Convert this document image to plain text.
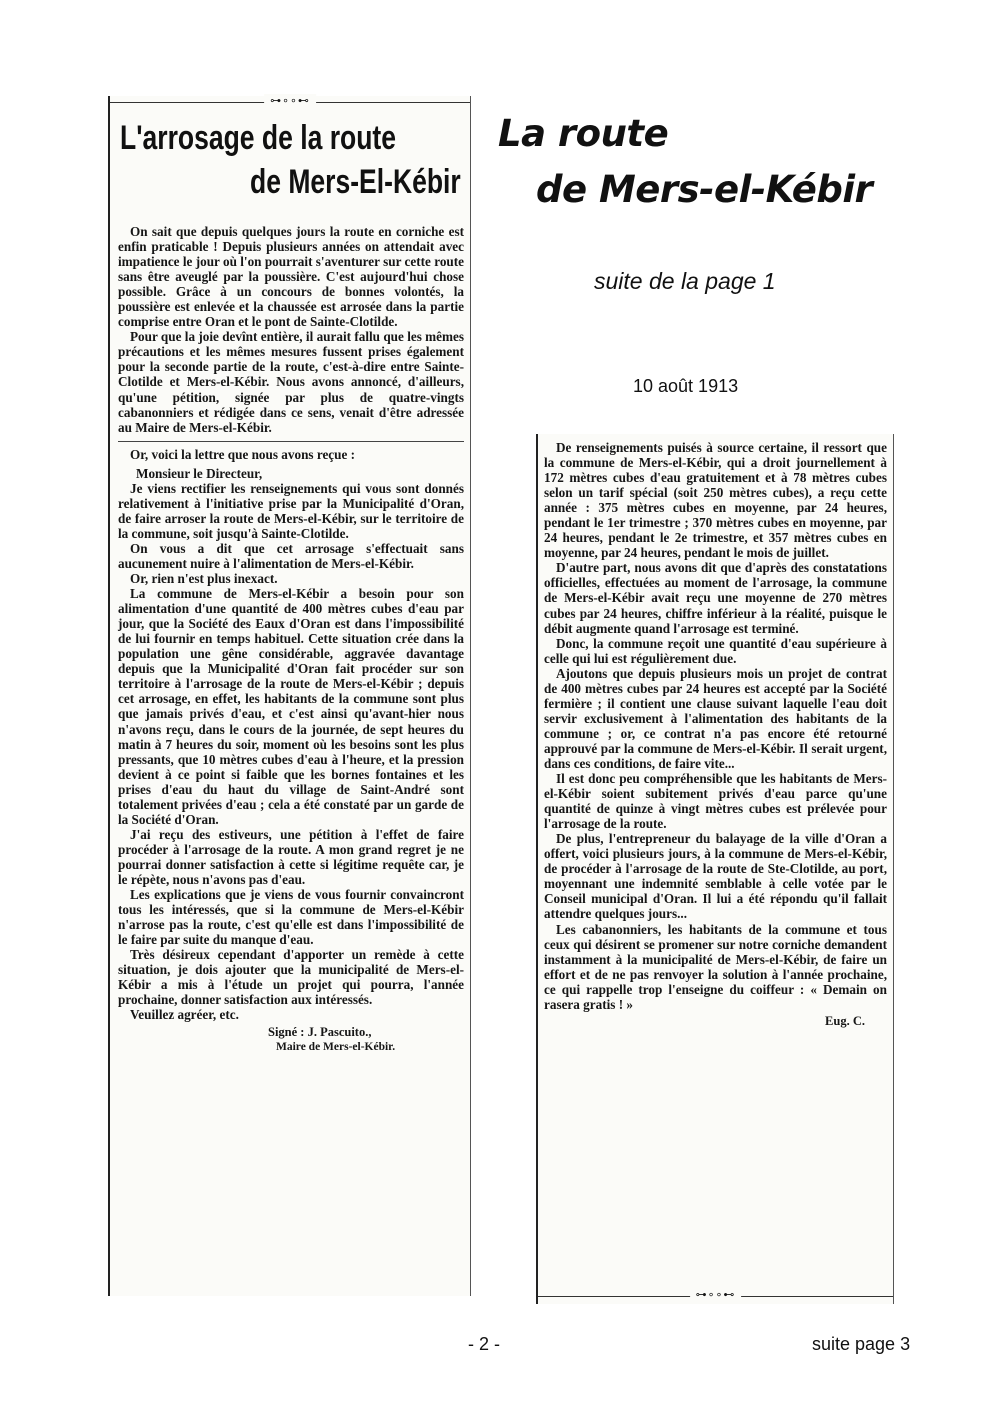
La route
de Mers-el-Kébir
suite de la page 1
10 août 1913
⊶∘∘⊷
L'arrosage de la route
de Mers-El-Kébir

On sait que depuis quelques jours la route en corniche est enfin praticable ! Depuis plusieurs années on attendait avec impatience le jour où l'on pourrait s'aventurer sur cette route sans être aveuglé par la poussière. C'est aujourd'hui chose possible. Grâce à un concours de bonnes volontés, la poussière est enlevée et la chaussée est arrosée dans la partie comprise entre Oran et le pont de Sainte-Clotilde.

Pour que la joie devînt entière, il aurait fallu que les mêmes précautions et les mêmes mesures fussent prises également pour la seconde partie de la route, c'est-à-dire entre Sainte-Clotilde et Mers-el-Kébir. Nous avons annoncé, d'ailleurs, qu'une pétition, signée par plus de quatre-vingts cabanonniers et rédigée dans ce sens, venait d'être adressée au Maire de Mers-el-Kébir.

Or, voici la lettre que nous avons reçue :

Monsieur le Directeur,

Je viens rectifier les renseignements qui vous sont donnés relativement à l'initiative prise par la Municipalité d'Oran, de faire arroser la route de Mers-el-Kébir, sur le territoire de la commune, soit jusqu'à Sainte-Clotilde.

On vous a dit que cet arrosage s'effectuait sans aucunement nuire à l'alimentation de Mers-el-Kébir.

Or, rien n'est plus inexact.

La commune de Mers-el-Kébir a besoin pour son alimentation d'une quantité de 400 mètres cubes d'eau par jour, que la Société des Eaux d'Oran est dans l'impossibilité de lui fournir en temps habituel. Cette situation crée dans la population une gêne considérable, aggravée davantage depuis que la Municipalité d'Oran fait procéder sur son territoire à l'arrosage de la route de Mers-el-Kébir ; depuis cet arrosage, en effet, les habitants de la commune sont plus que jamais privés d'eau, et c'est ainsi qu'avant-hier nous n'avons reçu, dans le cours de la journée, de sept heures du matin à 7 heures du soir, moment où les besoins sont les plus pressants, que 10 mètres cubes d'eau à l'heure, et la pression devient à ce point si faible que les bornes fontaines et les prises d'eau du haut du village de Saint-André sont totalement privées d'eau ; cela a été constaté par un garde de la Société d'Oran.

J'ai reçu des estiveurs, une pétition à l'effet de faire procéder à l'arrosage de la route. A mon grand regret je ne pourrai donner satisfaction à cette si légitime requête car, je le répète, nous n'avons pas d'eau.

Les explications que je viens de vous fournir convaincront tous les intéressés, que si la commune de Mers-el-Kébir n'arrose pas la route, c'est qu'elle est dans l'impossibilité de le faire par suite du manque d'eau.

Très désireux cependant d'apporter un remède à cette situation, je dois ajouter que la municipalité de Mers-el-Kébir a mis à l'étude un projet qui pourra, l'année prochaine, donner satisfaction aux intéressés.

Veuillez agréer, etc.

Signé : J. Pascuito.,
Maire de Mers-el-Kébir.

De renseignements puisés à source certaine, il ressort que la commune de Mers-el-Kébir, qui a droit journellement à 172 mètres cubes d'eau gratuitement et à 78 mètres cubes selon un tarif spécial (soit 250 mètres cubes), a reçu cette année : 375 mètres cubes en moyenne, par 24 heures, pendant le 1er trimestre ; 370 mètres cubes en moyenne, par 24 heures, pendant le 2e trimestre, et 357 mètres cubes en moyenne, par 24 heures, pendant le mois de juillet.

D'autre part, nous avons dit que d'après des constatations officielles, effectuées au moment de l'arrosage, la commune de Mers-el-Kébir avait reçu une moyenne de 270 mètres cubes par 24 heures, chiffre inférieur à la réalité, puisque le débit augmente quand l'arrosage est terminé.

Donc, la commune reçoit une quantité d'eau supérieure à celle qui lui est régulièrement due.

Ajoutons que depuis plusieurs mois un projet de contrat de 400 mètres cubes par 24 heures est accepté par la Société fermière ; il contient une clause suivant laquelle l'eau doit servir exclusivement à l'alimentation des habitants de la commune ; or, ce contrat n'a pas encore été retourné approuvé par la commune de Mers-el-Kébir. Il serait urgent, dans ces conditions, de faire vite...

Il est donc peu compréhensible que les habitants de Mers-el-Kébir soient subitement privés d'eau parce qu'une quantité de quinze à vingt mètres cubes est prélevée pour l'arrosage de la route.

De plus, l'entrepreneur du balayage de la ville d'Oran a offert, voici plusieurs jours, à la commune de Mers-el-Kébir, de procéder à l'arrosage de la route de Ste-Clotilde, au port, moyennant une indemnité semblable à celle votée par le Conseil municipal d'Oran. Il lui a été répondu qu'il fallait attendre quelques jours...

Les cabanonniers, les habitants de la commune et tous ceux qui désirent se promener sur notre corniche demandent instamment à la municipalité de Mers-el-Kébir, de faire un effort et de ne pas renvoyer la solution à l'année prochaine, ce qui rappelle trop l'enseigne du coiffeur : « Demain on rasera gratis ! »

Eug. C.
⊶∘∘⊷
- 2 -	suite page 3
